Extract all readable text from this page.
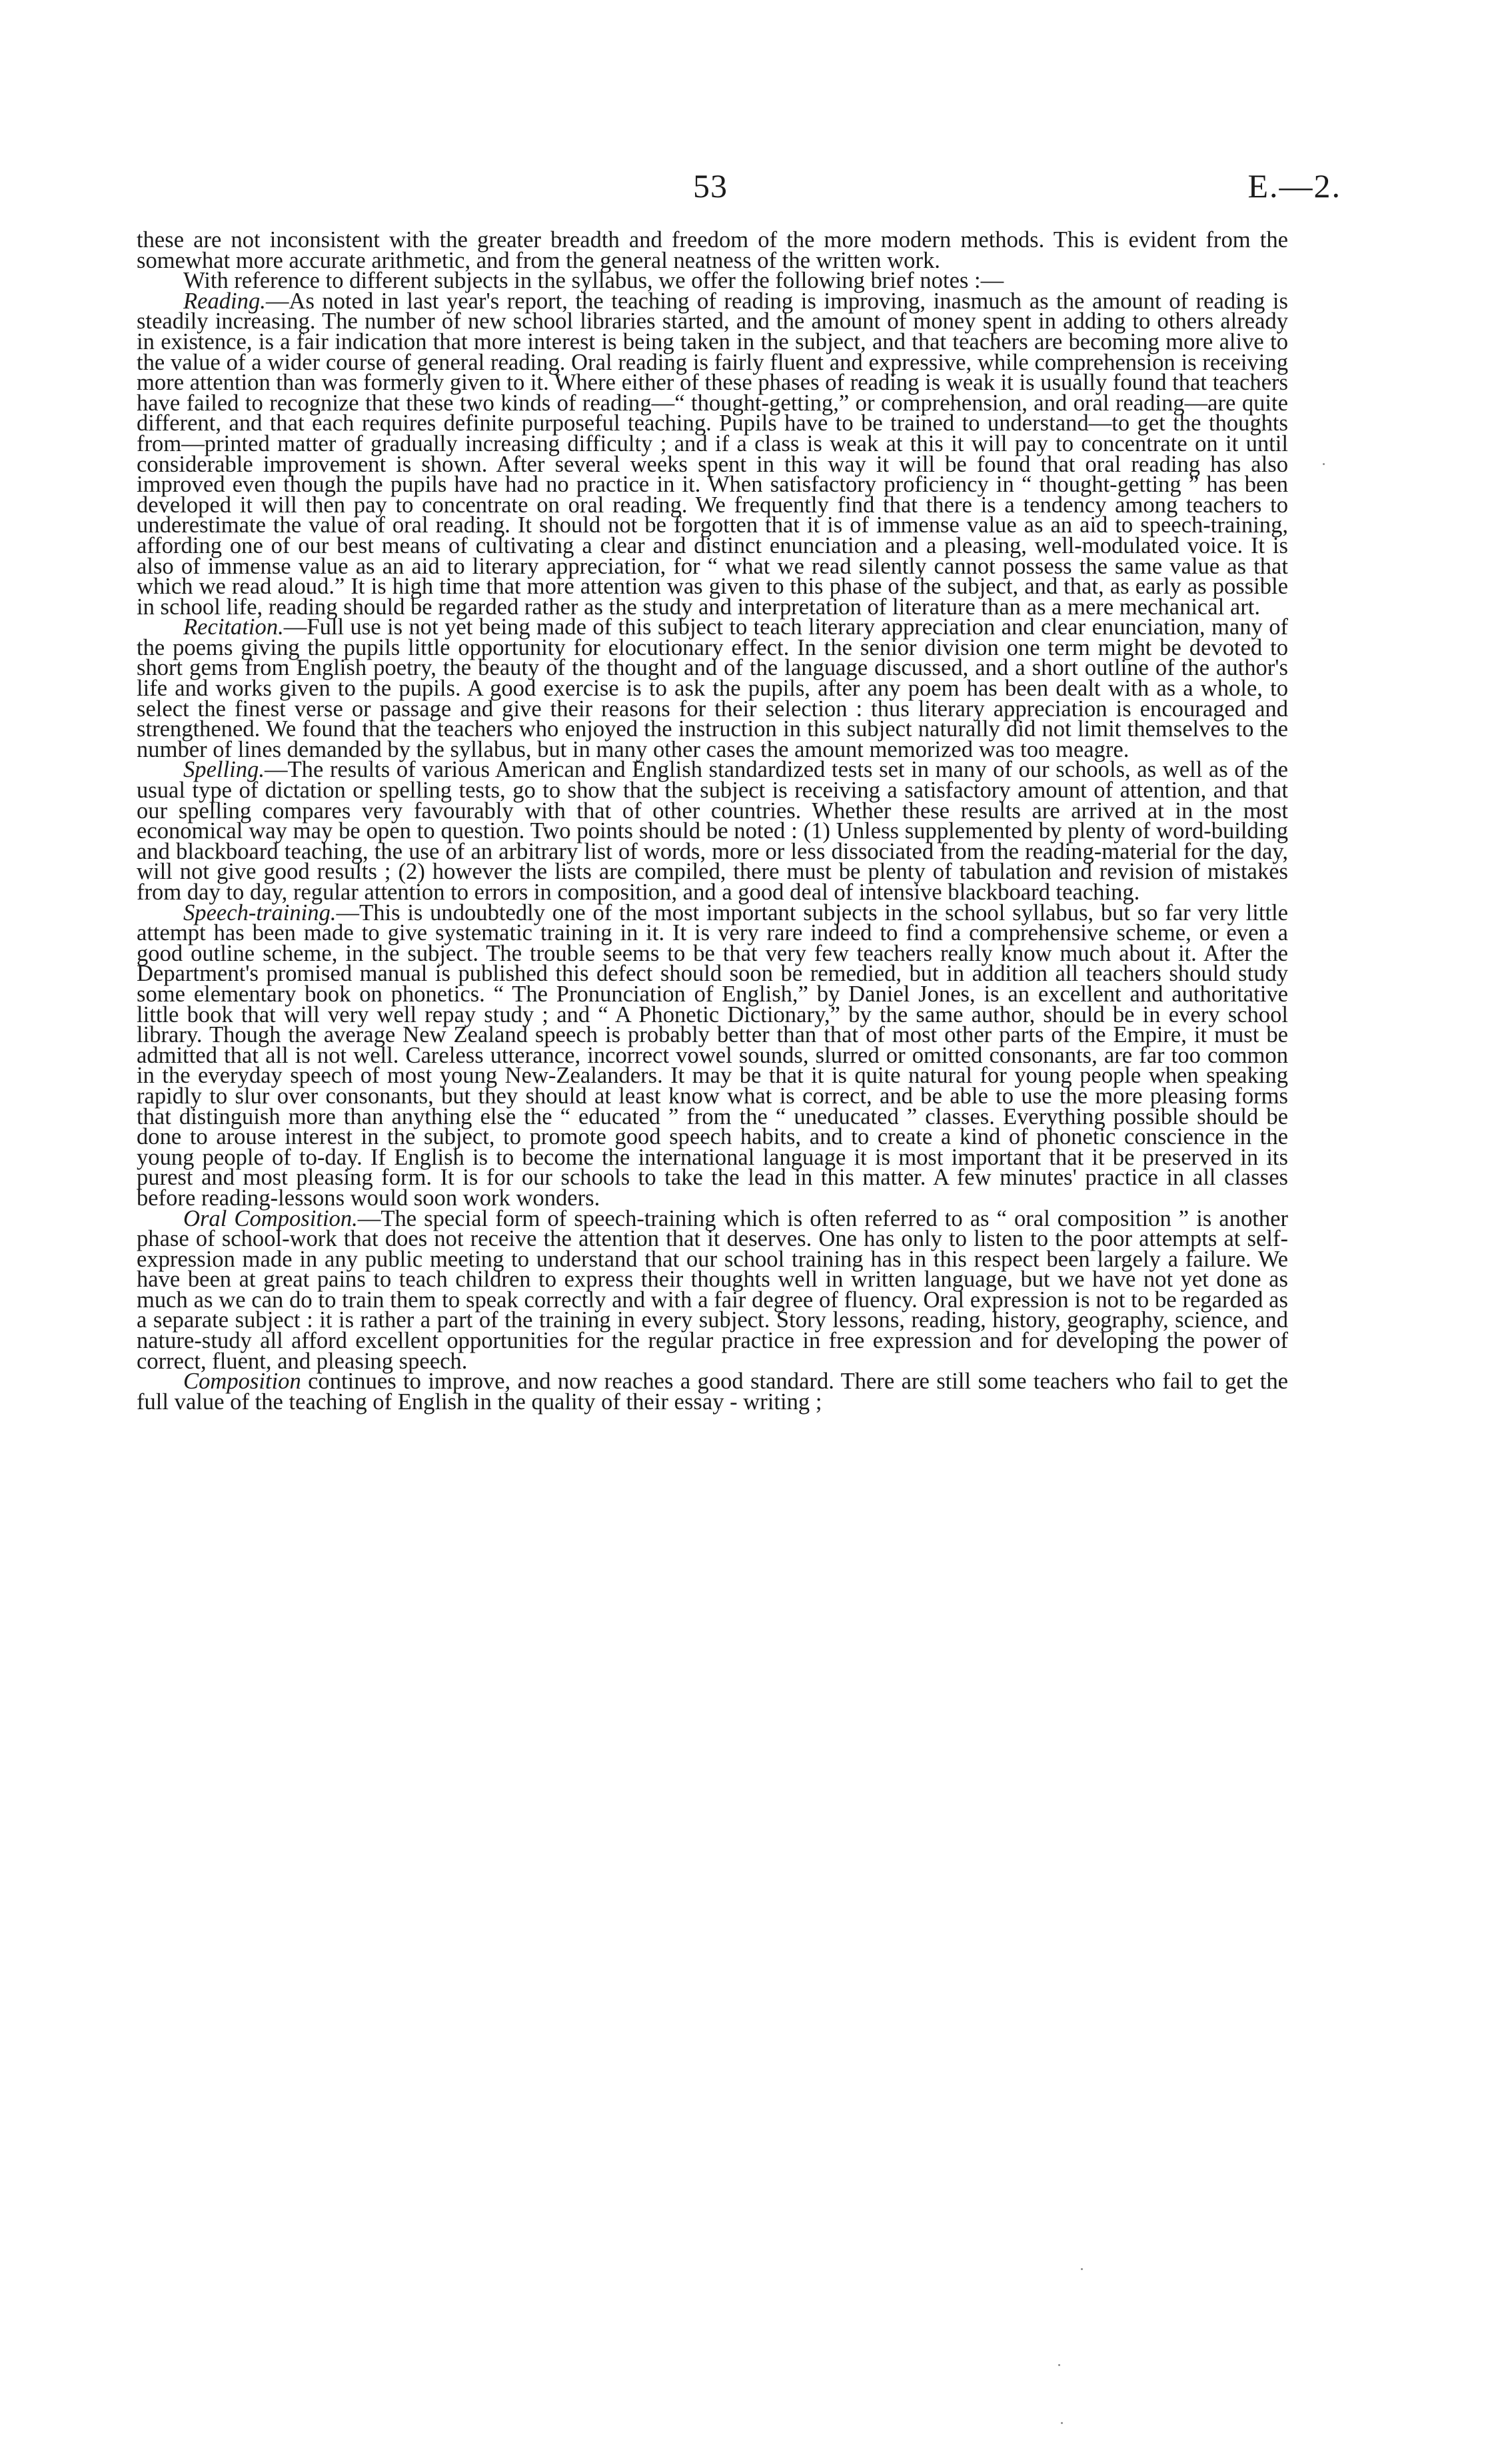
53	E.—2.

these are not inconsistent with the greater breadth and freedom of the more modern methods. This is evident from the somewhat more accurate arithmetic, and from the general neatness of the written work.

With reference to different subjects in the syllabus, we offer the following brief notes :—

Reading.—As noted in last year's report, the teaching of reading is improving, inasmuch as the amount of reading is steadily increasing. The number of new school libraries started, and the amount of money spent in adding to others already in existence, is a fair indication that more interest is being taken in the subject, and that teachers are becoming more alive to the value of a wider course of general reading. Oral reading is fairly fluent and expressive, while comprehension is receiving more attention than was formerly given to it. Where either of these phases of reading is weak it is usually found that teachers have failed to recognize that these two kinds of reading—“ thought-getting,” or comprehension, and oral reading—are quite different, and that each requires definite purposeful teaching. Pupils have to be trained to understand—to get the thoughts from—printed matter of gradually increasing difficulty ; and if a class is weak at this it will pay to concentrate on it until considerable improvement is shown. After several weeks spent in this way it will be found that oral reading has also improved even though the pupils have had no practice in it. When satisfactory proficiency in “ thought-getting ” has been developed it will then pay to concentrate on oral reading. We frequently find that there is a tendency among teachers to underestimate the value of oral reading. It should not be forgotten that it is of immense value as an aid to speech-training, affording one of our best means of cultivating a clear and distinct enunciation and a pleasing, well-modulated voice. It is also of immense value as an aid to literary appreciation, for “ what we read silently cannot possess the same value as that which we read aloud.” It is high time that more attention was given to this phase of the subject, and that, as early as possible in school life, reading should be regarded rather as the study and interpretation of literature than as a mere mechanical art.

Recitation.—Full use is not yet being made of this subject to teach literary appreciation and clear enunciation, many of the poems giving the pupils little opportunity for elocutionary effect. In the senior division one term might be devoted to short gems from English poetry, the beauty of the thought and of the language discussed, and a short outline of the author's life and works given to the pupils. A good exercise is to ask the pupils, after any poem has been dealt with as a whole, to select the finest verse or passage and give their reasons for their selection : thus literary appreciation is encouraged and strengthened. We found that the teachers who enjoyed the instruction in this subject naturally did not limit themselves to the number of lines demanded by the syllabus, but in many other cases the amount memorized was too meagre.

Spelling.—The results of various American and English standardized tests set in many of our schools, as well as of the usual type of dictation or spelling tests, go to show that the subject is receiving a satisfactory amount of attention, and that our spelling compares very favourably with that of other countries. Whether these results are arrived at in the most economical way may be open to question. Two points should be noted : (1) Unless supplemented by plenty of word-building and blackboard teaching, the use of an arbitrary list of words, more or less dissociated from the reading-material for the day, will not give good results ; (2) however the lists are compiled, there must be plenty of tabulation and revision of mistakes from day to day, regular attention to errors in composition, and a good deal of intensive blackboard teaching.

Speech-training.—This is undoubtedly one of the most important subjects in the school syllabus, but so far very little attempt has been made to give systematic training in it. It is very rare indeed to find a comprehensive scheme, or even a good outline scheme, in the subject. The trouble seems to be that very few teachers really know much about it. After the Department's promised manual is published this defect should soon be remedied, but in addition all teachers should study some elementary book on phonetics. “ The Pronunciation of English,” by Daniel Jones, is an excellent and authoritative little book that will very well repay study ; and “ A Phonetic Dictionary,” by the same author, should be in every school library. Though the average New Zealand speech is probably better than that of most other parts of the Empire, it must be admitted that all is not well. Careless utterance, incorrect vowel sounds, slurred or omitted consonants, are far too common in the everyday speech of most young New-Zealanders. It may be that it is quite natural for young people when speaking rapidly to slur over consonants, but they should at least know what is correct, and be able to use the more pleasing forms that distinguish more than anything else the “ educated ” from the “ uneducated ” classes. Everything possible should be done to arouse interest in the subject, to promote good speech habits, and to create a kind of phonetic conscience in the young people of to-day. If English is to become the international language it is most important that it be preserved in its purest and most pleasing form. It is for our schools to take the lead in this matter. A few minutes' practice in all classes before reading-lessons would soon work wonders.

Oral Composition.—The special form of speech-training which is often referred to as “ oral composition ” is another phase of school-work that does not receive the attention that it deserves. One has only to listen to the poor attempts at self-expression made in any public meeting to understand that our school training has in this respect been largely a failure. We have been at great pains to teach children to express their thoughts well in written language, but we have not yet done as much as we can do to train them to speak correctly and with a fair degree of fluency. Oral expression is not to be regarded as a separate subject : it is rather a part of the training in every subject. Story lessons, reading, history, geography, science, and nature-study all afford excellent opportunities for the regular practice in free expression and for developing the power of correct, fluent, and pleasing speech.

Composition continues to improve, and now reaches a good standard. There are still some teachers who fail to get the full value of the teaching of English in the quality of their essay - writing ;
